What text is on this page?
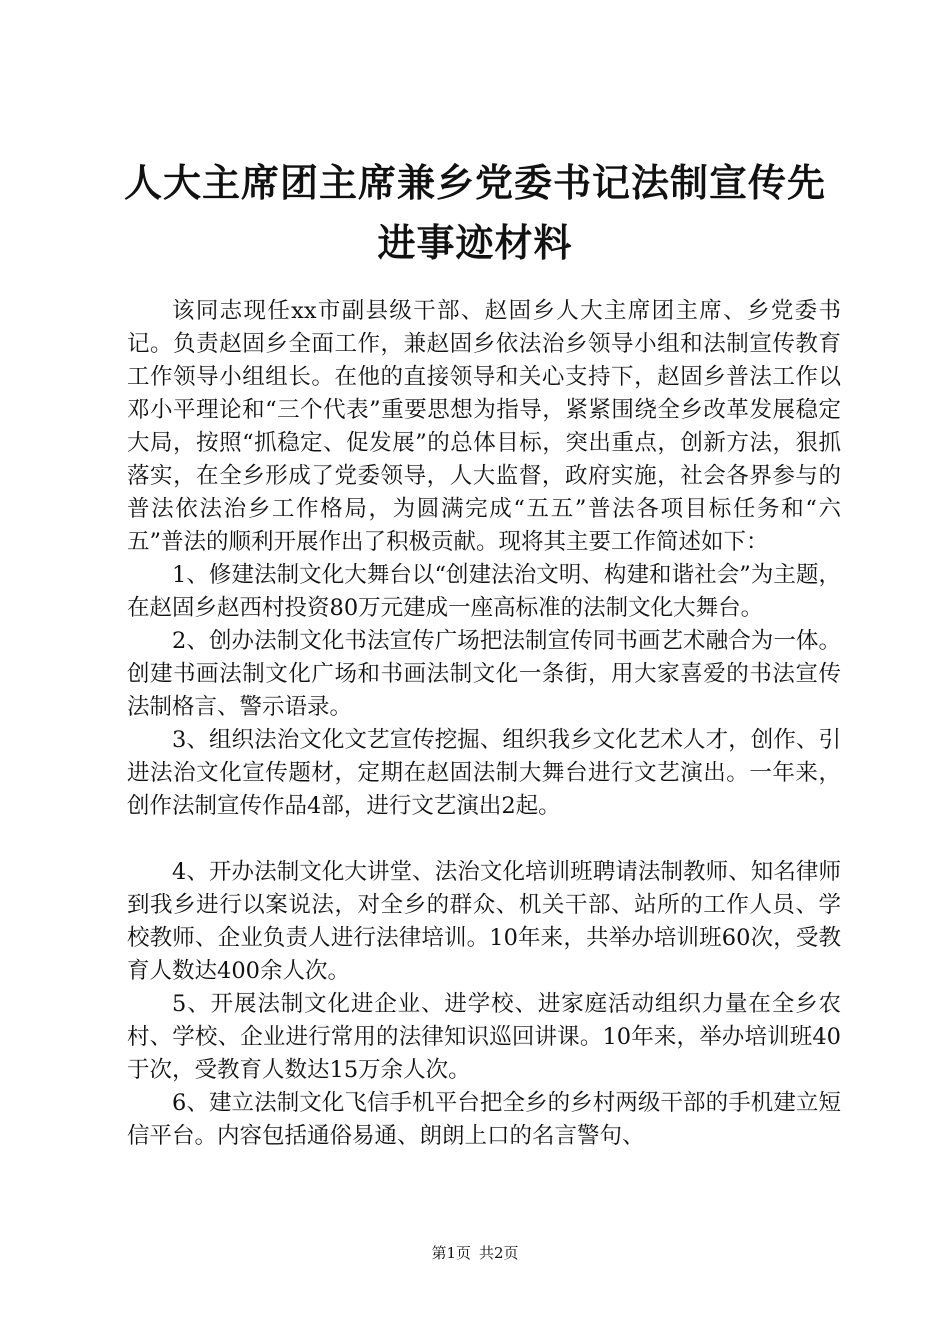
人大主席团主席兼乡党委书记法制宣传先进事迹材料

该同志现任xx市副县级干部、赵固乡人大主席团主席、乡党委书记。负责赵固乡全面工作，兼赵固乡依法治乡领导小组和法制宣传教育工作领导小组组长。在他的直接领导和关心支持下，赵固乡普法工作以邓小平理论和“三个代表”重要思想为指导，紧紧围绕全乡改革发展稳定大局，按照“抓稳定、促发展”的总体目标，突出重点，创新方法，狠抓落实，在全乡形成了党委领导，人大监督，政府实施，社会各界参与的普法依法治乡工作格局，为圆满完成“五五”普法各项目标任务和“六五”普法的顺利开展作出了积极贡献。现将其主要工作简述如下：

1、修建法制文化大舞台以“创建法治文明、构建和谐社会”为主题，在赵固乡赵西村投资80万元建成一座高标准的法制文化大舞台。

2、创办法制文化书法宣传广场把法制宣传同书画艺术融合为一体。创建书画法制文化广场和书画法制文化一条街，用大家喜爱的书法宣传法制格言、警示语录。

3、组织法治文化文艺宣传挖掘、组织我乡文化艺术人才，创作、引进法治文化宣传题材，定期在赵固法制大舞台进行文艺演出。一年来，创作法制宣传作品4部，进行文艺演出2起。

4、开办法制文化大讲堂、法治文化培训班聘请法制教师、知名律师到我乡进行以案说法，对全乡的群众、机关干部、站所的工作人员、学校教师、企业负责人进行法律培训。10年来，共举办培训班60次，受教育人数达400余人次。

5、开展法制文化进企业、进学校、进家庭活动组织力量在全乡农村、学校、企业进行常用的法律知识巡回讲课。10年来，举办培训班40于次，受教育人数达15万余人次。

6、建立法制文化飞信手机平台把全乡的乡村两级干部的手机建立短信平台。内容包括通俗易通、朗朗上口的名言警句、

第1页 共2页
